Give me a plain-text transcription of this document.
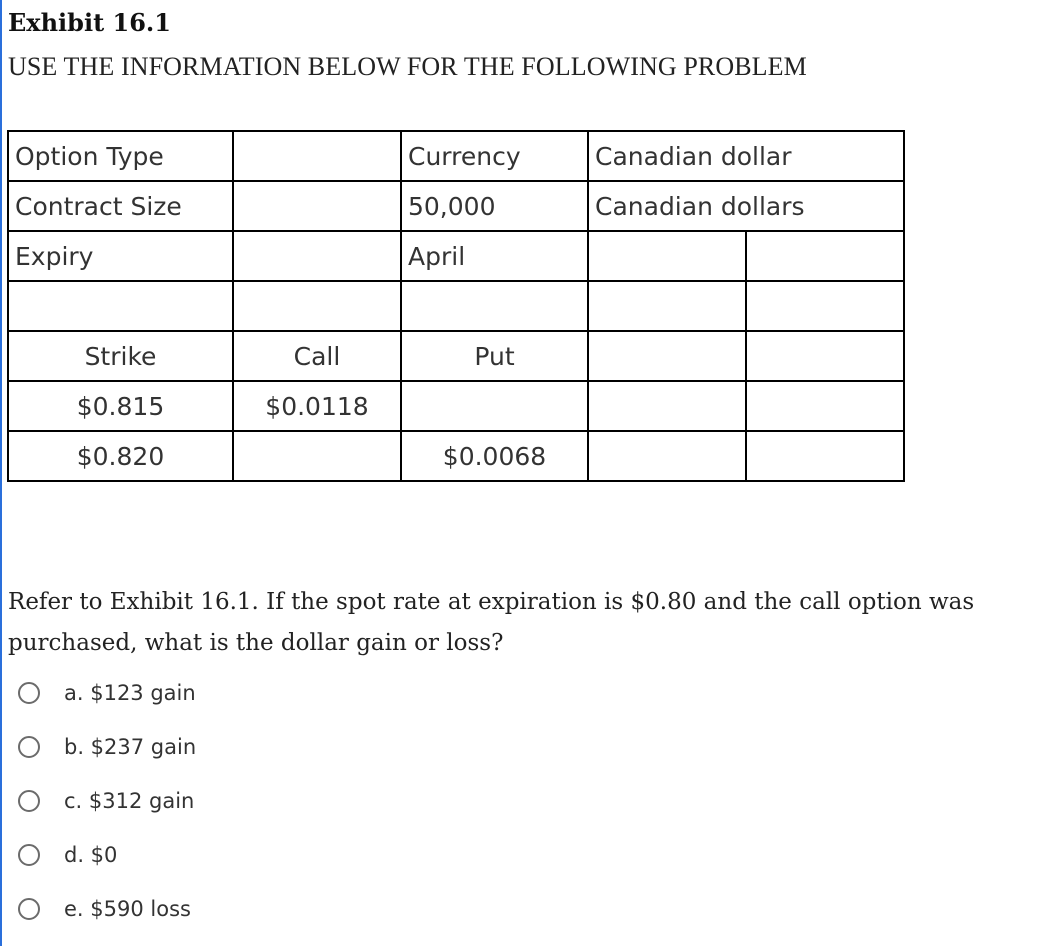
Exhibit 16.1

USE THE INFORMATION BELOW FOR THE FOLLOWING PROBLEM

Option Type		Currency	Canadian dollar	
Contract Size		50,000	Canadian dollars	
Expiry		April		

Strike	Call	Put		
$0.815	$0.0118			
$0.820		$0.0068		

Refer to Exhibit 16.1. If the spot rate at expiration is $0.80 and the call option was purchased, what is the dollar gain or loss?

a. $123 gain
b. $237 gain
c. $312 gain
d. $0
e. $590 loss
